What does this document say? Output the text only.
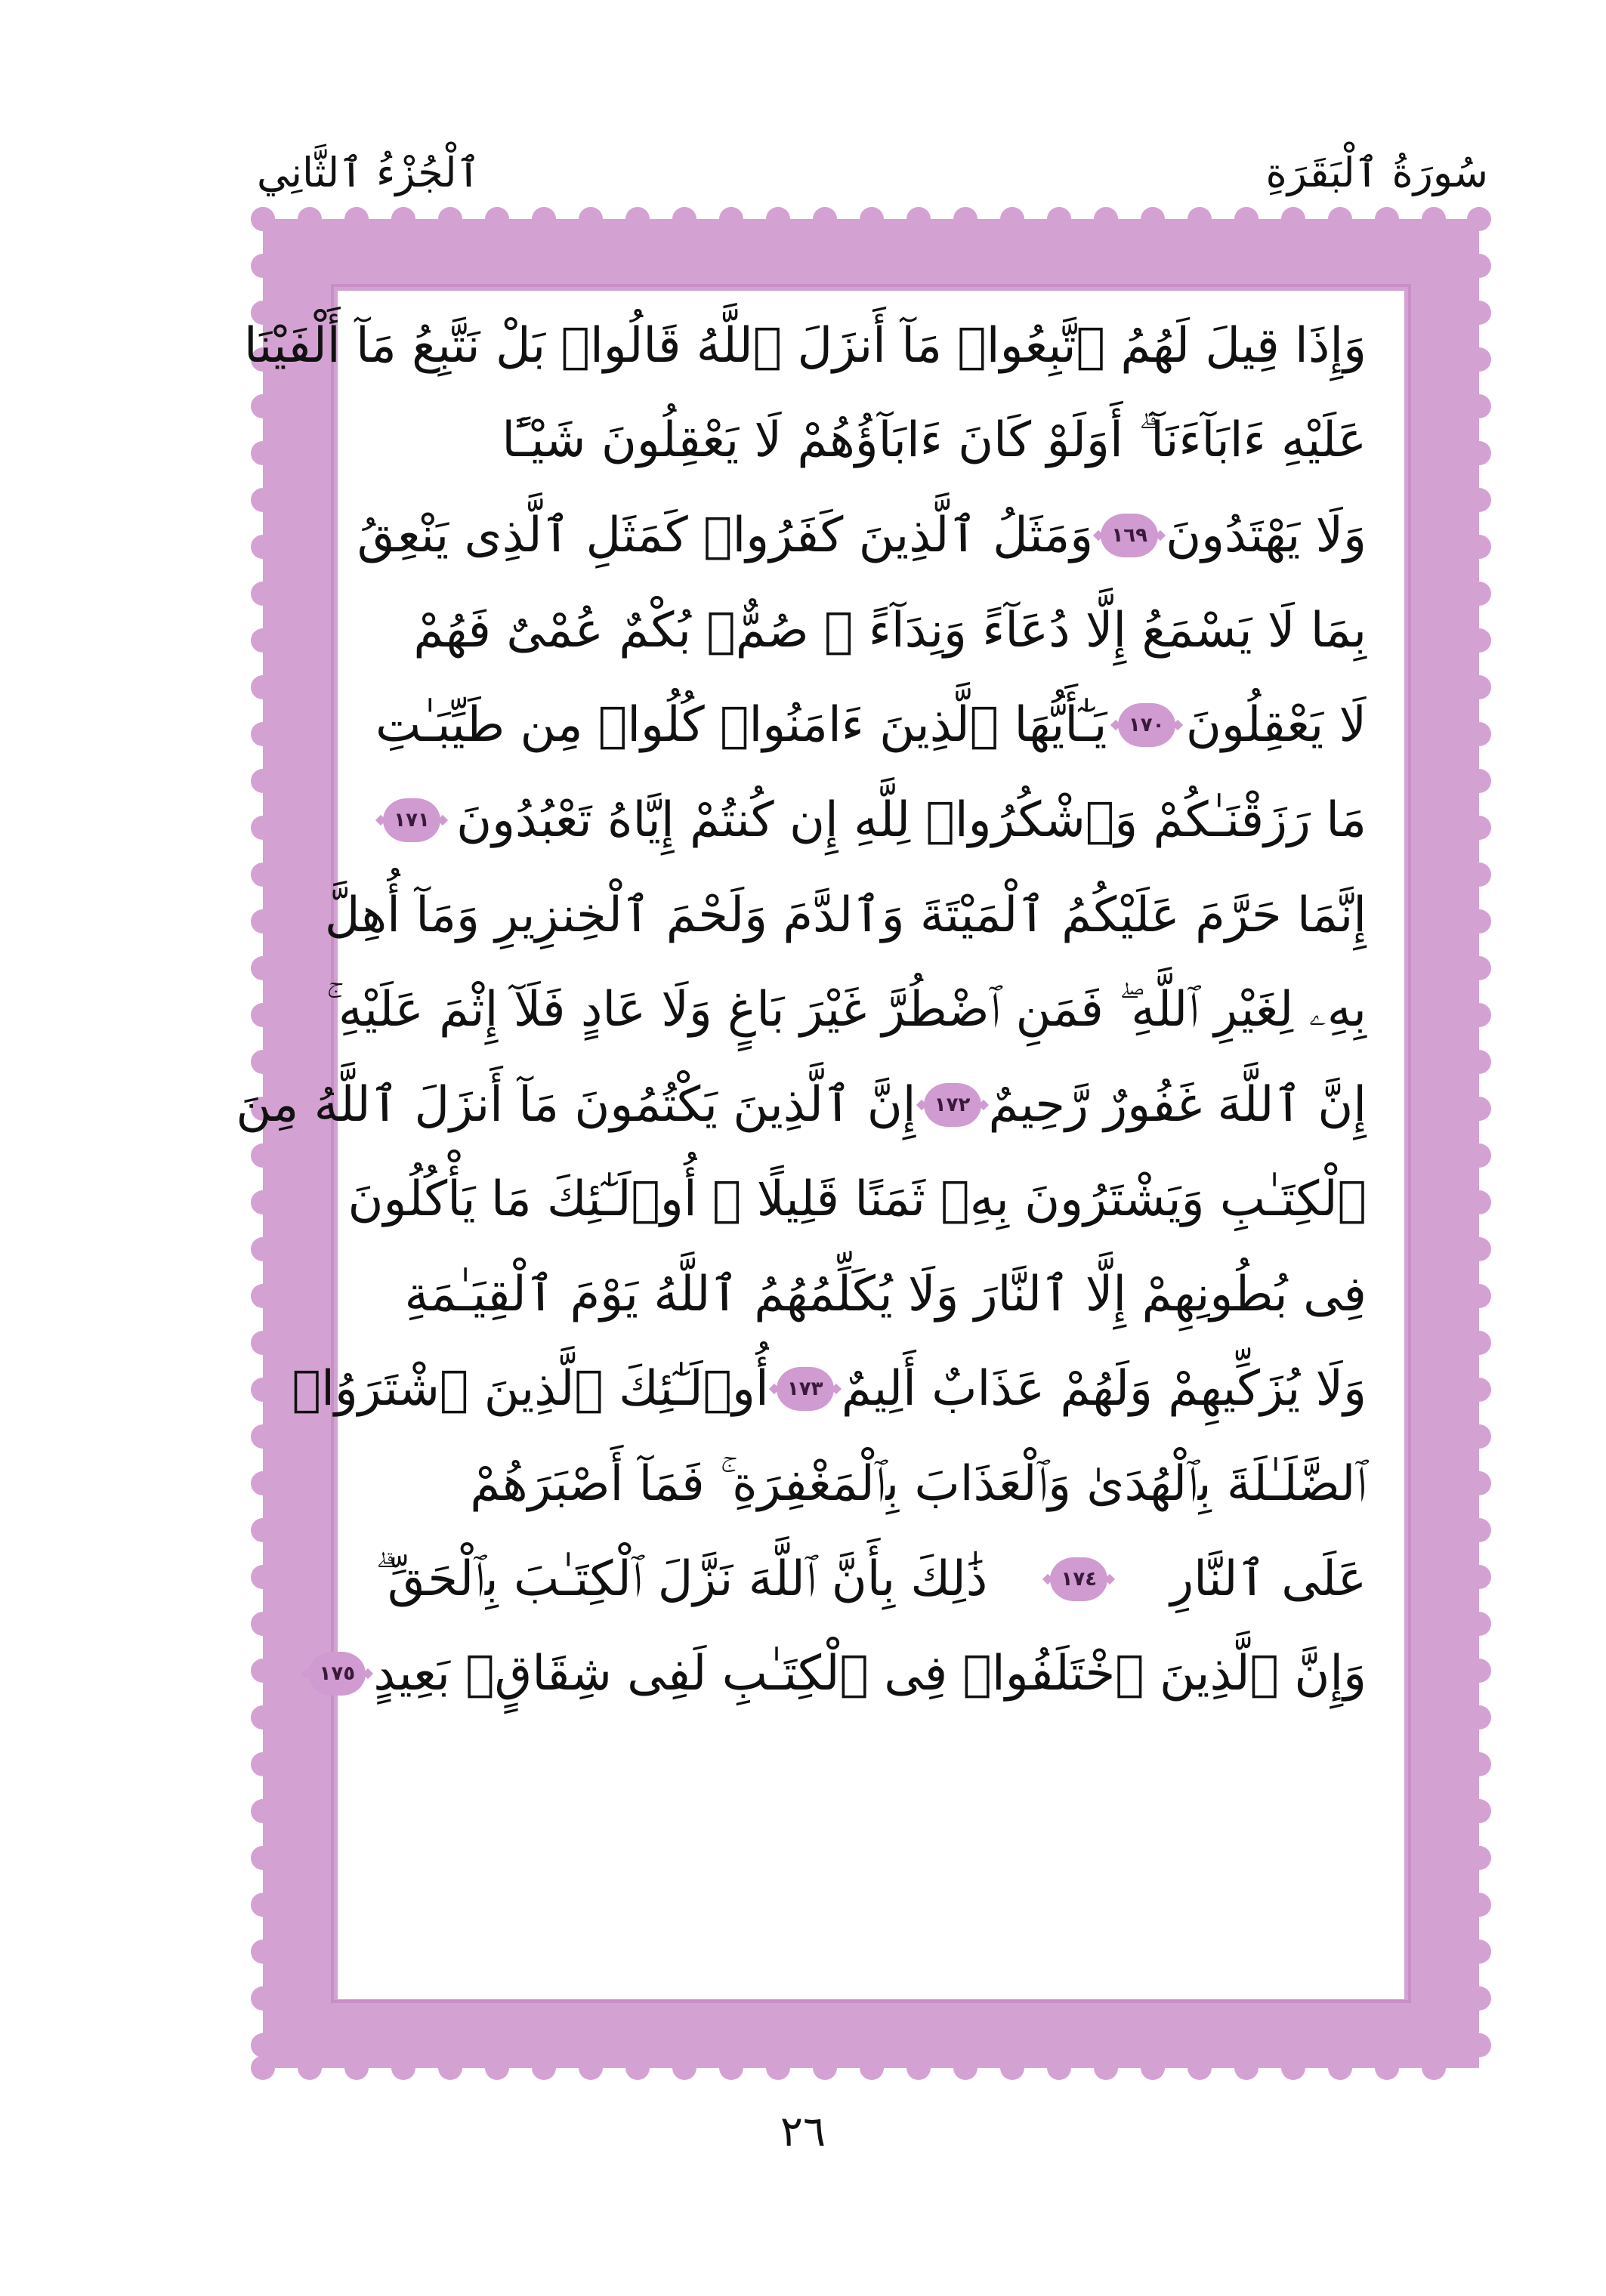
ٱلْجُزْءُ ٱلثَّانِي	سُورَةُ ٱلْبَقَرَةِ
وَإِذَا قِيلَ لَهُمُ ٱتَّبِعُوا۟ مَآ أَنزَلَ ٱللَّهُ قَالُوا۟ بَلْ نَتَّبِعُ مَآ أَلْفَيْنَا
عَلَيْهِ ءَابَآءَنَآ ۗ أَوَلَوْ كَانَ ءَابَآؤُهُمْ لَا يَعْقِلُونَ شَيْـًٔا
وَلَا يَهْتَدُونَ
١٦٩
وَمَثَلُ ٱلَّذِينَ كَفَرُوا۟ كَمَثَلِ ٱلَّذِى يَنْعِقُ
بِمَا لَا يَسْمَعُ إِلَّا دُعَآءً وَنِدَآءً ۚ صُمٌّۢ بُكْمٌ عُمْىٌ فَهُمْ
لَا يَعْقِلُونَ
١٧٠
يَـٰٓأَيُّهَا ٱلَّذِينَ ءَامَنُوا۟ كُلُوا۟ مِن طَيِّبَـٰتِ
مَا رَزَقْنَـٰكُمْ وَٱشْكُرُوا۟ لِلَّهِ إِن كُنتُمْ إِيَّاهُ تَعْبُدُونَ
١٧١
إِنَّمَا حَرَّمَ عَلَيْكُمُ ٱلْمَيْتَةَ وَٱلدَّمَ وَلَحْمَ ٱلْخِنزِيرِ وَمَآ أُهِلَّ
بِهِۦ لِغَيْرِ ٱللَّهِ ۖ فَمَنِ ٱضْطُرَّ غَيْرَ بَاغٍ وَلَا عَادٍ فَلَآ إِثْمَ عَلَيْهِ ۚ
إِنَّ ٱللَّهَ غَفُورٌ رَّحِيمٌ
١٧٢
إِنَّ ٱلَّذِينَ يَكْتُمُونَ مَآ أَنزَلَ ٱللَّهُ مِنَ
ٱلْكِتَـٰبِ وَيَشْتَرُونَ بِهِۦ ثَمَنًا قَلِيلًا ۙ أُو۟لَـٰٓئِكَ مَا يَأْكُلُونَ
فِى بُطُونِهِمْ إِلَّا ٱلنَّارَ وَلَا يُكَلِّمُهُمُ ٱللَّهُ يَوْمَ ٱلْقِيَـٰمَةِ
وَلَا يُزَكِّيهِمْ وَلَهُمْ عَذَابٌ أَلِيمٌ
١٧٣
أُو۟لَـٰٓئِكَ ٱلَّذِينَ ٱشْتَرَوُا۟
ٱلضَّلَـٰلَةَ بِٱلْهُدَىٰ وَٱلْعَذَابَ بِٱلْمَغْفِرَةِ ۚ فَمَآ أَصْبَرَهُمْ
عَلَى ٱلنَّارِ
١٧٤
ذَٰلِكَ بِأَنَّ ٱللَّهَ نَزَّلَ ٱلْكِتَـٰبَ بِٱلْحَقِّ ۗ
وَإِنَّ ٱلَّذِينَ ٱخْتَلَفُوا۟ فِى ٱلْكِتَـٰبِ لَفِى شِقَاقٍۭ بَعِيدٍ
١٧٥
٢٦
